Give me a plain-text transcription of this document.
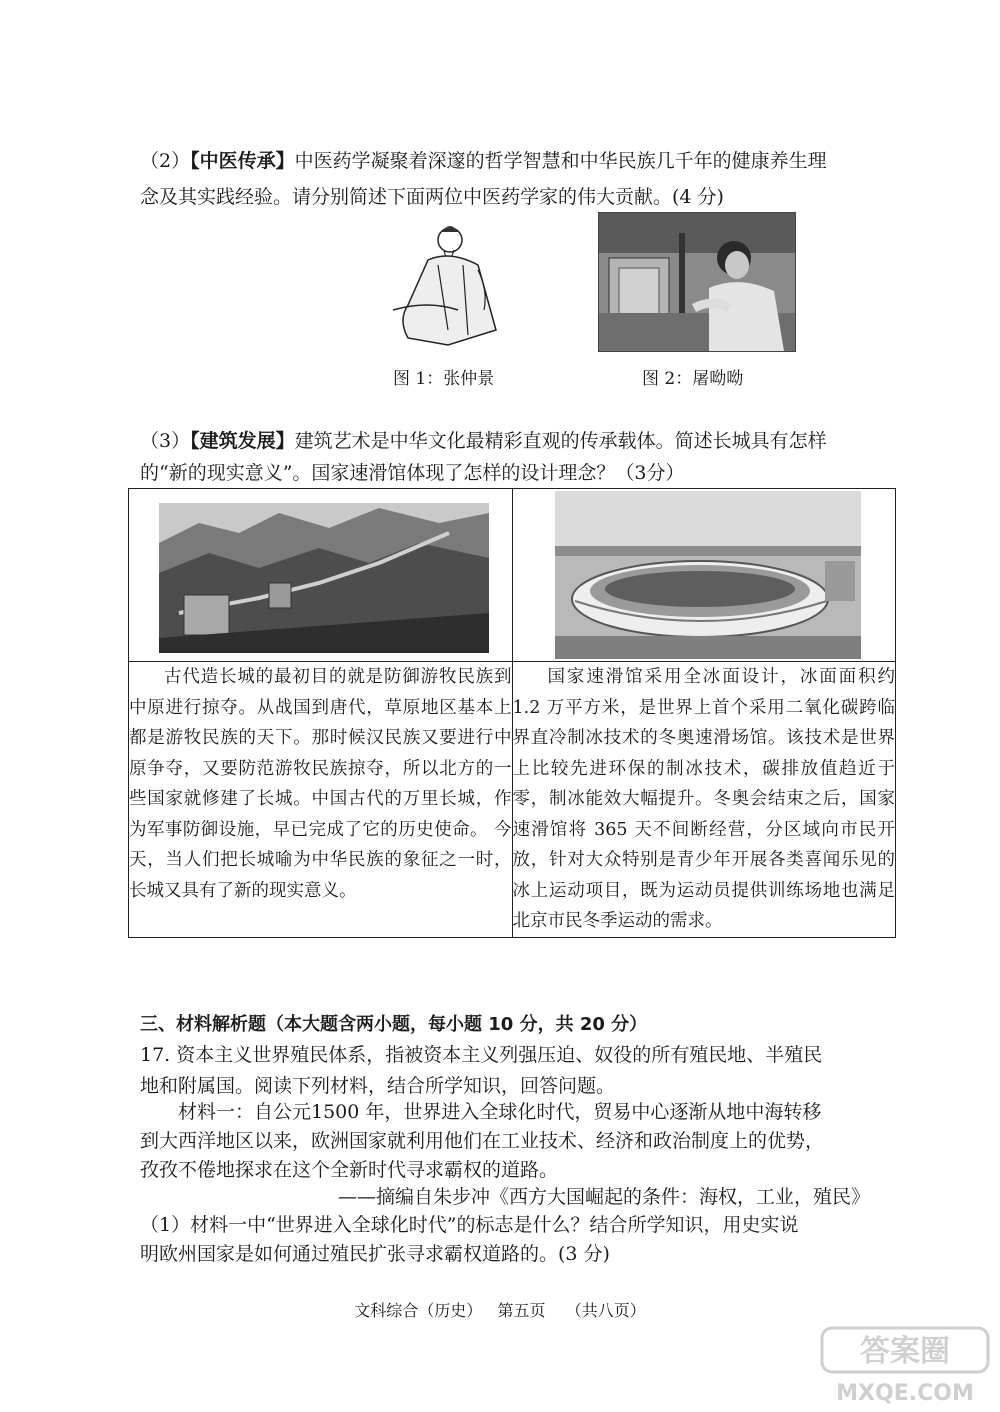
（2）【中医传承】中医药学凝聚着深邃的哲学智慧和中华民族几千年的健康养生理
念及其实践经验。请分别简述下面两位中医药学家的伟大贡献。(4 分)
图 1：张仲景	图 2：屠呦呦
（3）【建筑发展】建筑艺术是中华文化最精彩直观的传承载体。简述长城具有怎样
的“新的现实意义”。国家速滑馆体现了怎样的设计理念？（3分）

古代造长城的最初目的就是防御游牧民族到中原进行掠夺。从战国到唐代，草原地区基本上都是游牧民族的天下。那时候汉民族又要进行中原争夺，又要防范游牧民族掠夺，所以北方的一些国家就修建了长城。中国古代的万里长城，作为军事防御设施，早已完成了它的历史使命。 今天，当人们把长城喻为中华民族的象征之一时，长城又具有了新的现实意义。	国家速滑馆采用全冰面设计，冰面面积约 1.2 万平方米，是世界上首个采用二氧化碳跨临界直冷制冰技术的冬奥速滑场馆。该技术是世界上比较先进环保的制冰技术，碳排放值趋近于零，制冰能效大幅提升。冬奥会结束之后，国家速滑馆将 365 天不间断经营，分区域向市民开放，针对大众特别是青少年开展各类喜闻乐见的冰上运动项目，既为运动员提供训练场地也满足北京市民冬季运动的需求。

三、材料解析题（本大题含两小题，每小题 10 分，共 20 分）
17. 资本主义世界殖民体系，指被资本主义列强压迫、奴役的所有殖民地、半殖民
地和附属国。阅读下列材料，结合所学知识，回答问题。
材料一：自公元1500 年，世界进入全球化时代，贸易中心逐渐从地中海转移
到大西洋地区以来，欧洲国家就利用他们在工业技术、经济和政治制度上的优势，
孜孜不倦地探求在这个全新时代寻求霸权的道路。
——摘编自朱步冲《西方大国崛起的条件：海权，工业，殖民》
（1）材料一中“世界进入全球化时代”的标志是什么？结合所学知识，用史实说
明欧州国家是如何通过殖民扩张寻求霸权道路的。(3 分)
文科综合（历史）   第五页    （共八页）
答案圈
MXQE.COM
